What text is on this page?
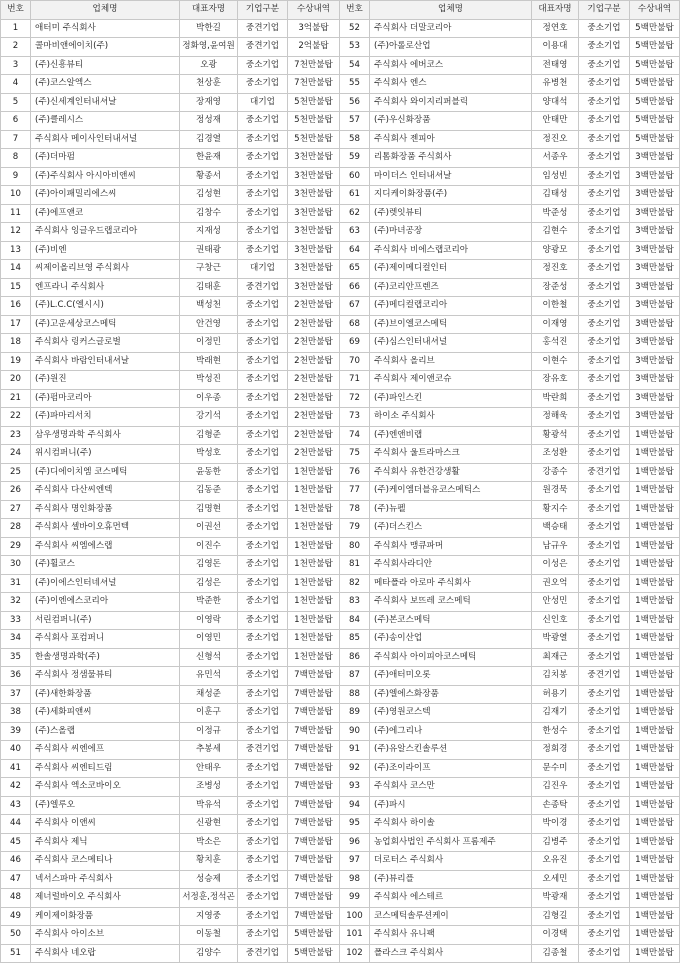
번호	업체명	대표자명	기업구분	수상내역	번호	업체명	대표자명	기업구분	수상내역
1	애터미 주식회사	박한길	중견기업	3억불탑	52	주식회사 더말코리아	정연호	중소기업	5백만불탑
2	콜마비앤에이치(주)	정화영,윤여원	중견기업	2억불탑	53	(주)아롤로산업	이용대	중소기업	5백만불탑
3	(주)신흥뷰티	오광	중소기업	7천만불탑	54	주식회사 에버코스	전태영	중소기업	5백만불탑
4	(주)코스알엑스	천상훈	중소기업	7천만불탑	55	주식회사 엔스	유병천	중소기업	5백만불탑
5	(주)신세계인터내셔날	장재영	대기업	5천만불탑	56	주식회사 와이지리퍼블릭	양대석	중소기업	5백만불탑
6	(주)클레시스	정성재	중소기업	5천만불탑	57	(주)우신화장품	안태만	중소기업	5백만불탑
7	주식회사 메이사인터내셔널	김경열	중소기업	5천만불탑	58	주식회사 젠피아	정진오	중소기업	5백만불탑
8	(주)더마펌	한윤재	중소기업	3천만불탑	59	리톰화장품 주식회사	서종우	중소기업	3백만불탑
9	(주)주식회사 아시아비앤씨	황종서	중소기업	3천만불탑	60	마이더스 인터내셔날	임성빈	중소기업	3백만불탑
10	(주)아이패밀리에스씨	김성현	중소기업	3천만불탑	61	지디케이화장품(주)	김태성	중소기업	3백만불탑
11	(주)에프앤코	김창수	중소기업	3천만불탑	62	(주)렛잇뷰티	박준성	중소기업	3백만불탑
12	주식회사 잉글우드랩코리아	지재성	중소기업	3천만불탑	63	(주)마녀공장	김현수	중소기업	3백만불탑
13	(주)비엔	권태광	중소기업	3천만불탑	64	주식회사 비에스랩코리아	양광모	중소기업	3백만불탑
14	씨제이올리브영 주식회사	구창근	대기업	3천만불탑	65	(주)제이메디컬인터	정진호	중소기업	3백만불탑
15	엔프라니 주식회사	김태훈	중견기업	3천만불탑	66	(주)코리안프렌즈	장준성	중소기업	3백만불탑
16	(주)L.C.C(엘시시)	백성천	중소기업	2천만불탑	67	(주)메디컬랩코리아	이한철	중소기업	3백만불탑
17	(주)고운세상코스메틱	안건영	중소기업	2천만불탑	68	(주)브이엘코스메틱	이재영	중소기업	3백만불탑
18	주식회사 링커스글로벌	이정민	중소기업	2천만불탑	69	(주)심스인터내셔널	홍석진	중소기업	3백만불탑
19	주식회사 바람인터내셔날	박래현	중소기업	2천만불탑	70	주식회사 올리브	이현수	중소기업	3백만불탑
20	(주)원진	박성진	중소기업	2천만불탑	71	주식회사 제이앤코슈	장유호	중소기업	3백만불탑
21	(주)펌마코리아	이우종	중소기업	2천만불탑	72	(주)파인스킨	박란희	중소기업	3백만불탑
22	(주)파마리서치	강기석	중소기업	2천만불탑	73	하이소 주식회사	정해욱	중소기업	3백만불탑
23	삼우생명과학 주식회사	김형준	중소기업	2천만불탑	74	(주)엔앤비랩	황광석	중소기업	1백만불탑
24	위시컴퍼니(주)	박성호	중소기업	2천만불탑	75	주식회사 울트라마스크	조성환	중소기업	1백만불탑
25	(주)디에이치엠 코스메틱	윤동한	중소기업	1천만불탑	76	주식회사 유한건강생활	강종수	중견기업	1백만불탑
26	주식회사 다산씨엔텍	김동준	중소기업	1천만불탑	77	(주)케이엠더블유코스메틱스	원경묵	중소기업	1백만불탑
27	주식회사 명인화장품	김명현	중소기업	1천만불탑	78	(주)뉴펠	황지수	중소기업	1백만불탑
28	주식회사 셀바이오휴먼텍	이권선	중소기업	1천만불탑	79	(주)더스킨스	백승태	중소기업	1백만불탑
29	주식회사 씨엠에스랩	이진수	중소기업	1천만불탑	80	주식회사 맹큐파머	남규우	중소기업	1백만불탑
30	(주)휠코스	김영돈	중소기업	1천만불탑	81	주식회사라디안	이성은	중소기업	1백만불탑
31	(주)이에스인터네셔널	김성은	중소기업	1천만불탑	82	메타폴라 아로마 주식회사	권오억	중소기업	1백만불탑
32	(주)이엔에스코리아	박준한	중소기업	1천만불탑	83	주식회사 보뜨레 코스메틱	안성민	중소기업	1백만불탑
33	서린컴퍼니(주)	이영락	중소기업	1천만불탑	84	(주)본코스메틱	신인호	중소기업	1백만불탑
34	주식회사 포컴퍼니	이영민	중소기업	1천만불탑	85	(주)송이산업	박광열	중소기업	1백만불탑
35	한솔생명과학(주)	신형석	중소기업	1천만불탑	86	주식회사 아이피아코스메틱	최재근	중소기업	1백만불탑
36	주식회사 정샘물뷰티	유민석	중소기업	7백만불탑	87	(주)애터미오롯	김치봉	중견기업	1백만불탑
37	(주)새한화장품	채성준	중소기업	7백만불탑	88	(주)엘에스화장품	허용기	중소기업	1백만불탑
38	(주)세화피앤씨	이훈구	중소기업	7백만불탑	89	(주)영원코스텍	김재기	중소기업	1백만불탑
39	(주)스올랩	이정규	중소기업	7백만불탑	90	(주)에그리나	한성수	중소기업	1백만불탑
40	주식회사 씨엔에프	추봉세	중견기업	7백만불탑	91	(주)유알스킨솔루션	정회경	중소기업	1백만불탑
41	주식회사 씨엔티드림	안태우	중소기업	7백만불탑	92	(주)조이라이프	문수미	중소기업	1백만불탑
42	주식회사 엑소코바이오	조병성	중소기업	7백만불탑	93	주식회사 코스만	김진우	중소기업	1백만불탑
43	(주)엘루오	박유석	중소기업	7백만불탑	94	(주)파시	손종탁	중소기업	1백만불탑
44	주식회사 이앤씨	신광현	중소기업	7백만불탑	95	주식회사 하이솔	박이경	중소기업	1백만불탑
45	주식회사 제닉	박소은	중소기업	7백만불탑	96	농업회사법인 주식회사 프롬제주	김병주	중소기업	1백만불탑
46	주식회사 코스메티나	황치훈	중소기업	7백만불탑	97	더로터스 주식회사	오유진	중소기업	1백만불탑
47	넥서스파마 주식회사	성승제	중소기업	7백만불탑	98	(주)뷰리플	오세민	중소기업	1백만불탑
48	제너럴바이오 주식회사	서정훈,정석곤	중소기업	7백만불탑	99	주식회사 에스테르	박광재	중소기업	1백만불탑
49	케이제이화장품	지영중	중소기업	7백만불탑	100	코스메틱솔루션케이	김형길	중소기업	1백만불탑
50	주식회사 아이소브	이동철	중소기업	5백만불탑	101	주식회사 유니팩	이경택	중소기업	1백만불탑
51	주식회사 네오랍	김양수	중견기업	5백만불탑	102	폴라스크 주식회사	김종철	중소기업	1백만불탑
